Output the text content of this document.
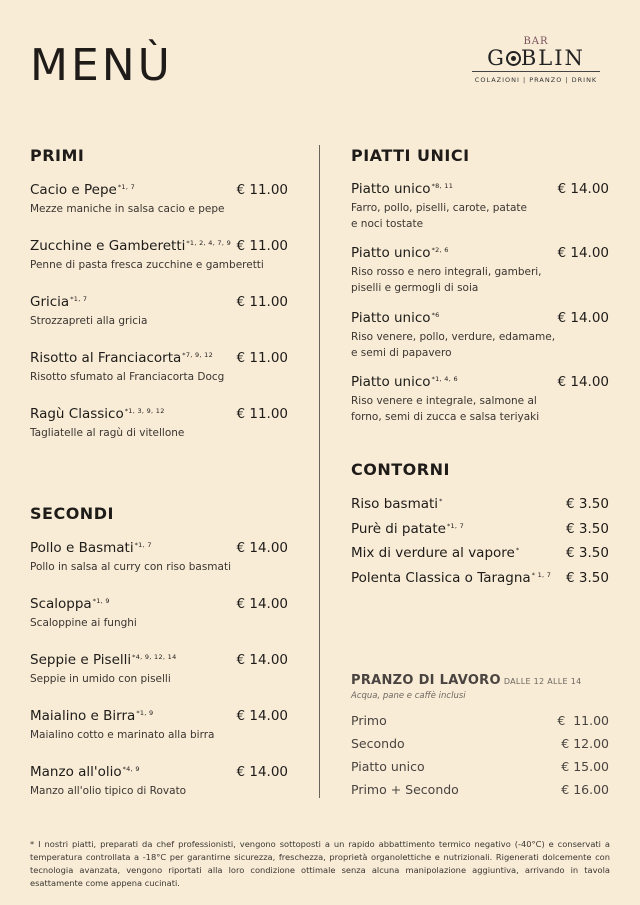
MENÙ	BAR
G BLIN
COLAZIONI | PRANZO | DRINK
PRIMI
Cacio e Pepe$^{*1, 7}$	€ 11.00
Mezze maniche in salsa cacio e pepe
Zucchine e Gamberetti$^{*1, 2, 4, 7, 9}$ € 11.00
Penne di pasta fresca zucchine e gamberetti
Gricia$^{*1, 7}$	€ 11.00
Strozzapreti alla gricia
Risotto al Franciacorta$^{*7, 9, 12}$	€ 11.00
Risotto sfumato al Franciacorta Docg
Ragù Classico$^{*1, 3, 9, 12}$	€ 11.00
Tagliatelle al ragù di vitellone
SECONDI
Pollo e Basmati$^{*1, 7}$	€ 14.00
Pollo in salsa al curry con riso basmati
Scaloppa$^{*1, 9}$	€ 14.00
Scaloppine ai funghi
Seppie e Piselli$^{*4, 9, 12, 14}$	€ 14.00
Seppie in umido con piselli
Maialino e Birra$^{*1, 9}$	€ 14.00
Maialino cotto e marinato alla birra
Manzo all'olio$^{*4, 9}$	€ 14.00
Manzo all'olio tipico di Rovato
PIATTI UNICI
Piatto unico$^{*8, 11}$	€ 14.00
Farro, pollo, piselli, carote, patate
e noci tostate
Piatto unico$^{*2, 6}$	€ 14.00
Riso rosso e nero integrali, gamberi,
piselli e germogli di soia
Piatto unico$^{*6}$	€ 14.00
Riso venere, pollo, verdure, edamame,
e semi di papavero
Piatto unico$^{*1, 4, 6}$	€ 14.00
Riso venere e integrale, salmone al
forno, semi di zucca e salsa teriyaki
CONTORNI
Riso basmati*	€ 3.50
Purè di patate$^{*1, 7}$	€ 3.50
Mix di verdure al vapore*	€ 3.50
Polenta Classica o Taragna$^{* 1, 7}$	€ 3.50
PRANZO DI LAVORO DALLE 12 ALLE 14
Acqua, pane e caffè inclusi
Primo	€  11.00
Secondo	€ 12.00
Piatto unico	€ 15.00
Primo + Secondo	€ 16.00
* I nostri piatti, preparati da chef professionisti, vengono sottoposti a un rapido abbattimento termico negativo (-40°C) e conservati a temperatura controllata a -18°C per garantirne sicurezza, freschezza, proprietà organolettiche e nutrizionali. Rigenerati dolcemente con tecnologia avanzata, vengono riportati alla loro condizione ottimale senza alcuna manipolazione aggiuntiva, arrivando in tavola esattamente come appena cucinati.
